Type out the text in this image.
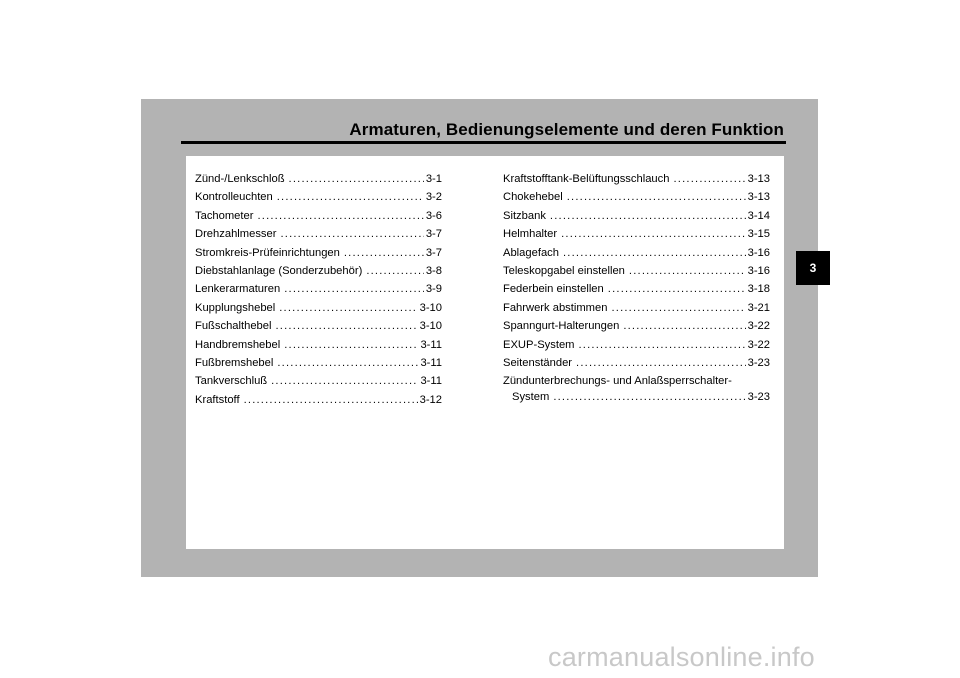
Armaturen, Bedienungselemente und deren Funktion
Zünd-/Lenkschloß .....	3-1
Kontrolleuchten .....	3-2
Tachometer .....	3-6
Drehzahlmesser .....	3-7
Stromkreis-Prüfeinrichtungen .....	3-7
Diebstahlanlage (Sonderzubehör) .....	3-8
Lenkerarmaturen .....	3-9
Kupplungshebel .....	3-10
Fußschalthebel .....	3-10
Handbremshebel .....	3-11
Fußbremshebel .....	3-11
Tankverschluß .....	3-11
Kraftstoff .....	3-12
Kraftstofftank-Belüftungsschlauch .....	3-13
Chokehebel .....	3-13
Sitzbank .....	3-14
Helmhalter .....	3-15
Ablagefach .....	3-16
Teleskopgabel einstellen .....	3-16
Federbein einstellen .....	3-18
Fahrwerk abstimmen .....	3-21
Spanngurt-Halterungen .....	3-22
EXUP-System .....	3-22
Seitenständer .....	3-23
Zündunterbrechungs- und Anlaßsperrschalter-
System .....	3-23
3
carmanualsonline.info
